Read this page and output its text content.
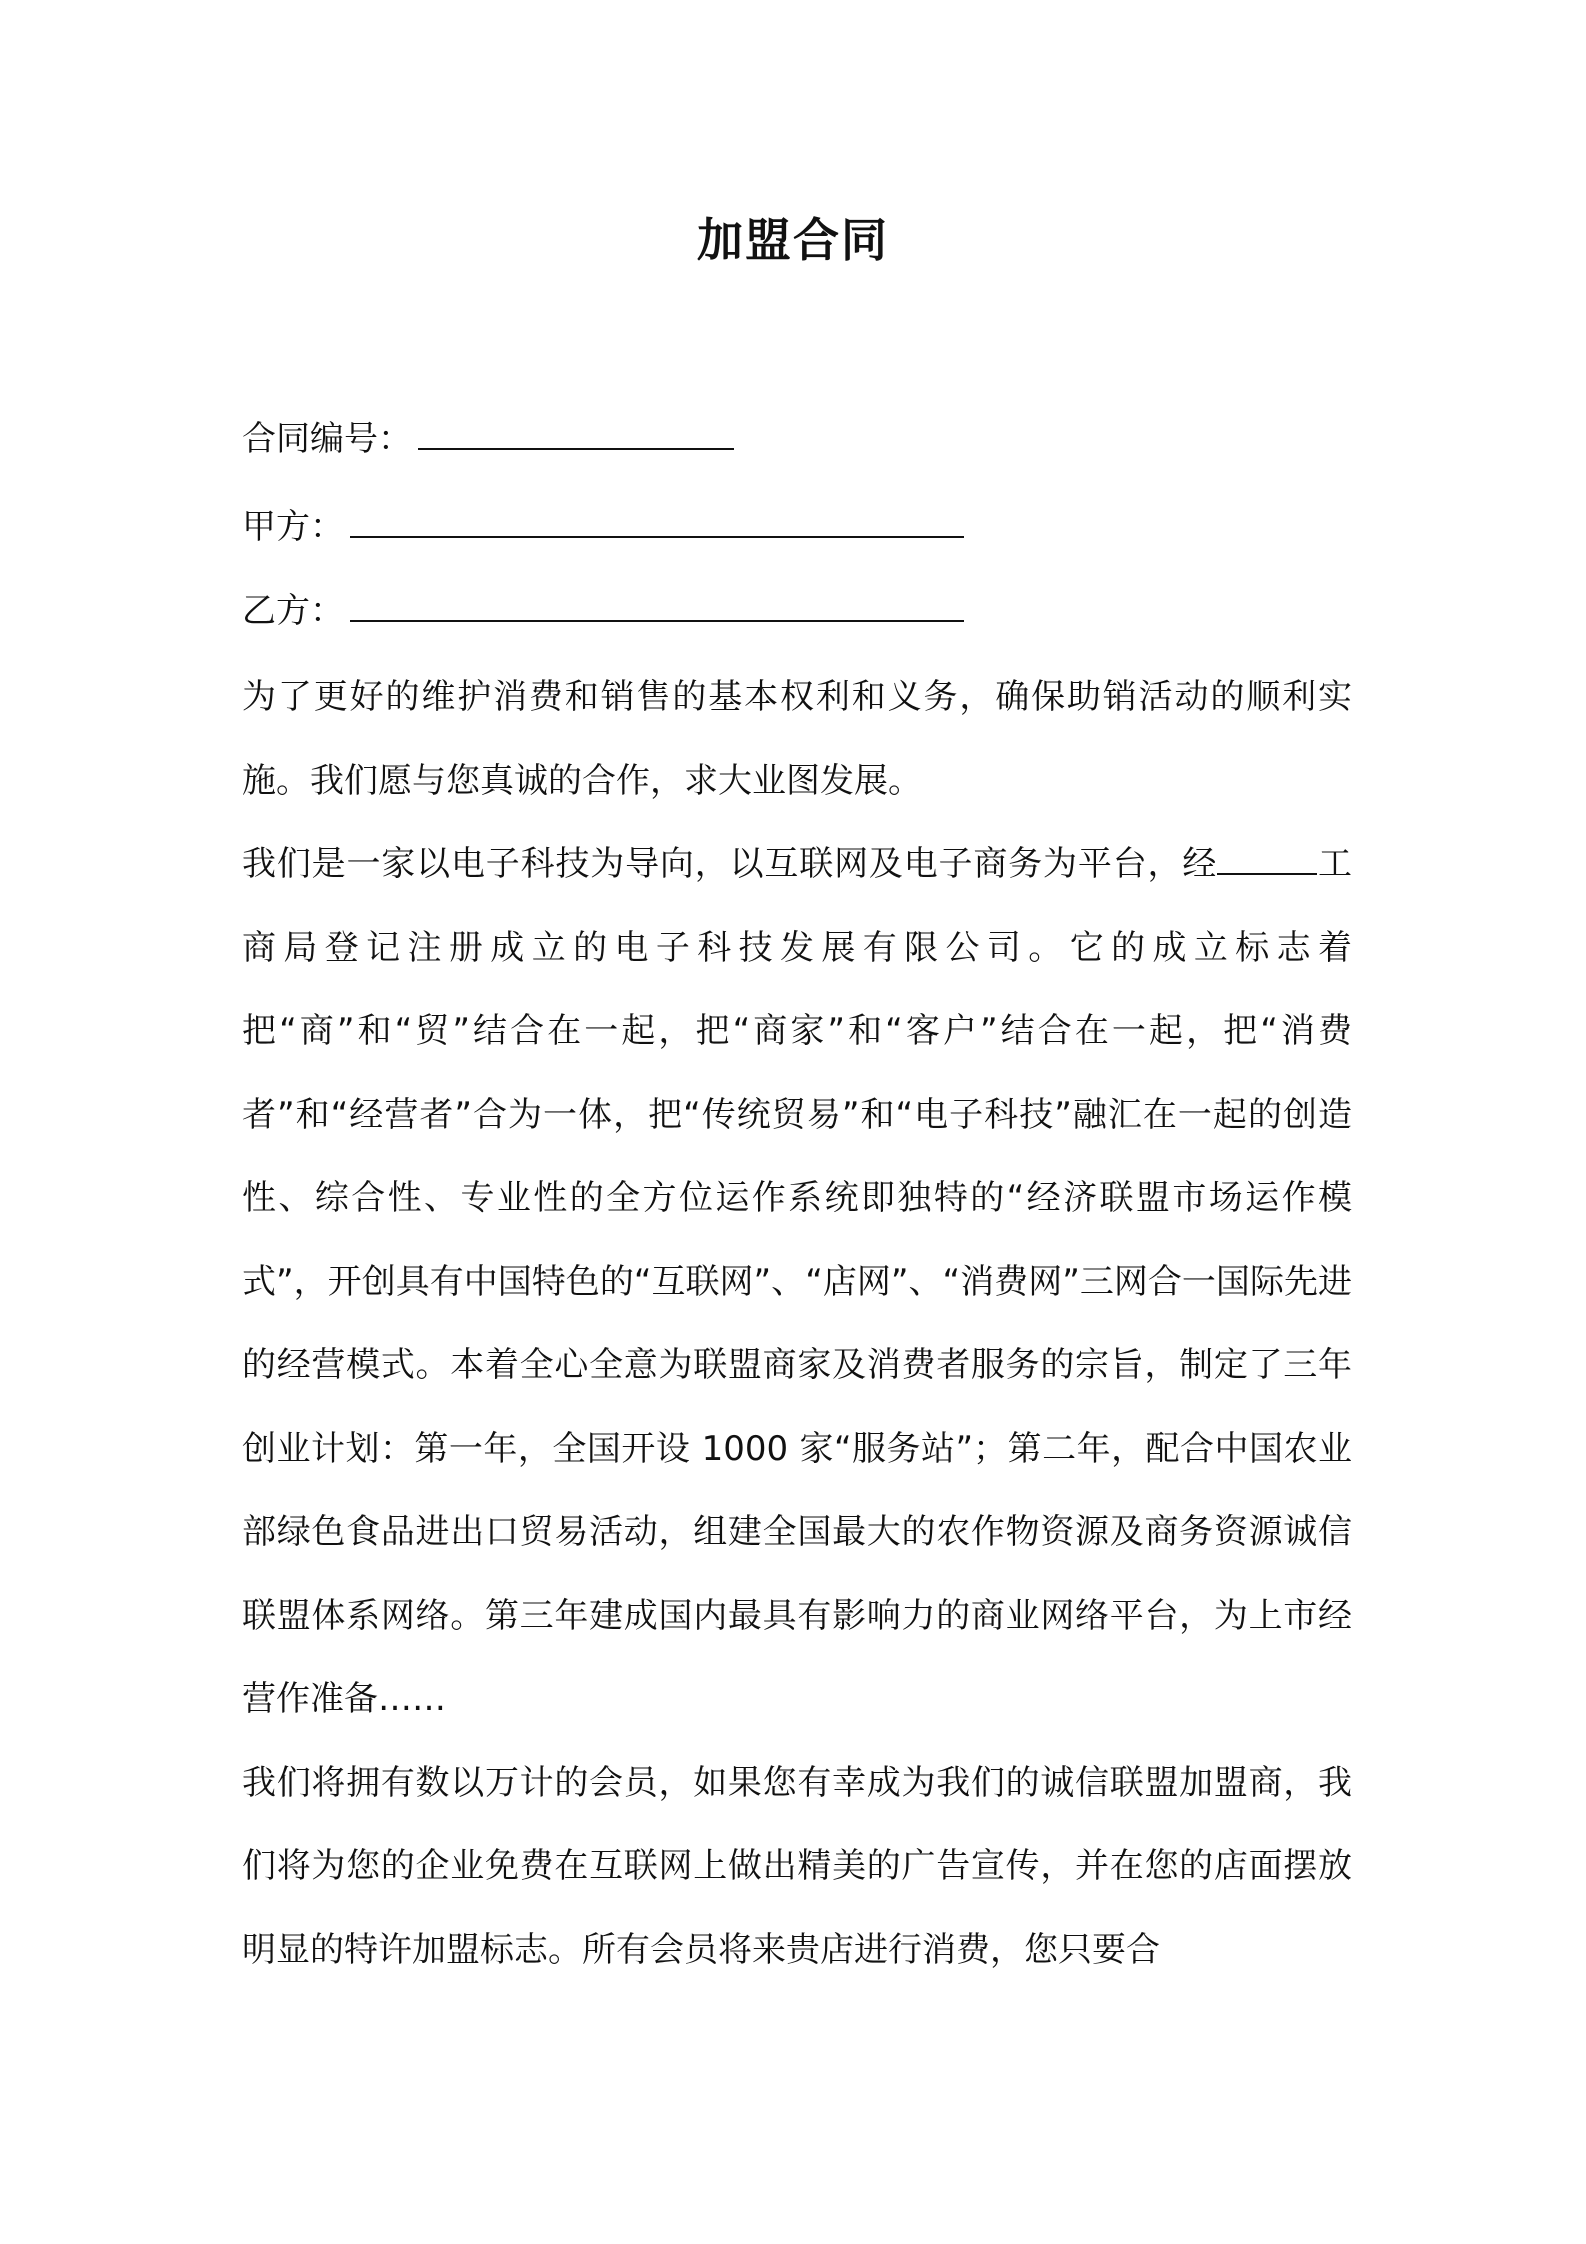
加盟合同
合同编号：
甲方：
乙方：

为了更好的维护消费和销售的基本权利和义务，确保助销活动的顺利实施。我们愿与您真诚的合作，求大业图发展。

我们是一家以电子科技为导向，以互联网及电子商务为平台，经	工商局登记注册成立的电子科技发展有限公司。它的成立标志着把“商”和“贸”结合在一起，把“商家”和“客户”结合在一起，把“消费者”和“经营者”合为一体，把“传统贸易”和“电子科技”融汇在一起的创造性、综合性、专业性的全方位运作系统即独特的“经济联盟市场运作模式”，开创具有中国特色的“互联网”、“店网”、“消费网”三网合一国际先进的经营模式。本着全心全意为联盟商家及消费者服务的宗旨，制定了三年创业计划：第一年，全国开设 1000 家“服务站”；第二年，配合中国农业部绿色食品进出口贸易活动，组建全国最大的农作物资源及商务资源诚信联盟体系网络。第三年建成国内最具有影响力的商业网络平台，为上市经营作准备……

我们将拥有数以万计的会员，如果您有幸成为我们的诚信联盟加盟商，我们将为您的企业免费在互联网上做出精美的广告宣传，并在您的店面摆放明显的特许加盟标志。所有会员将来贵店进行消费，您只要合
